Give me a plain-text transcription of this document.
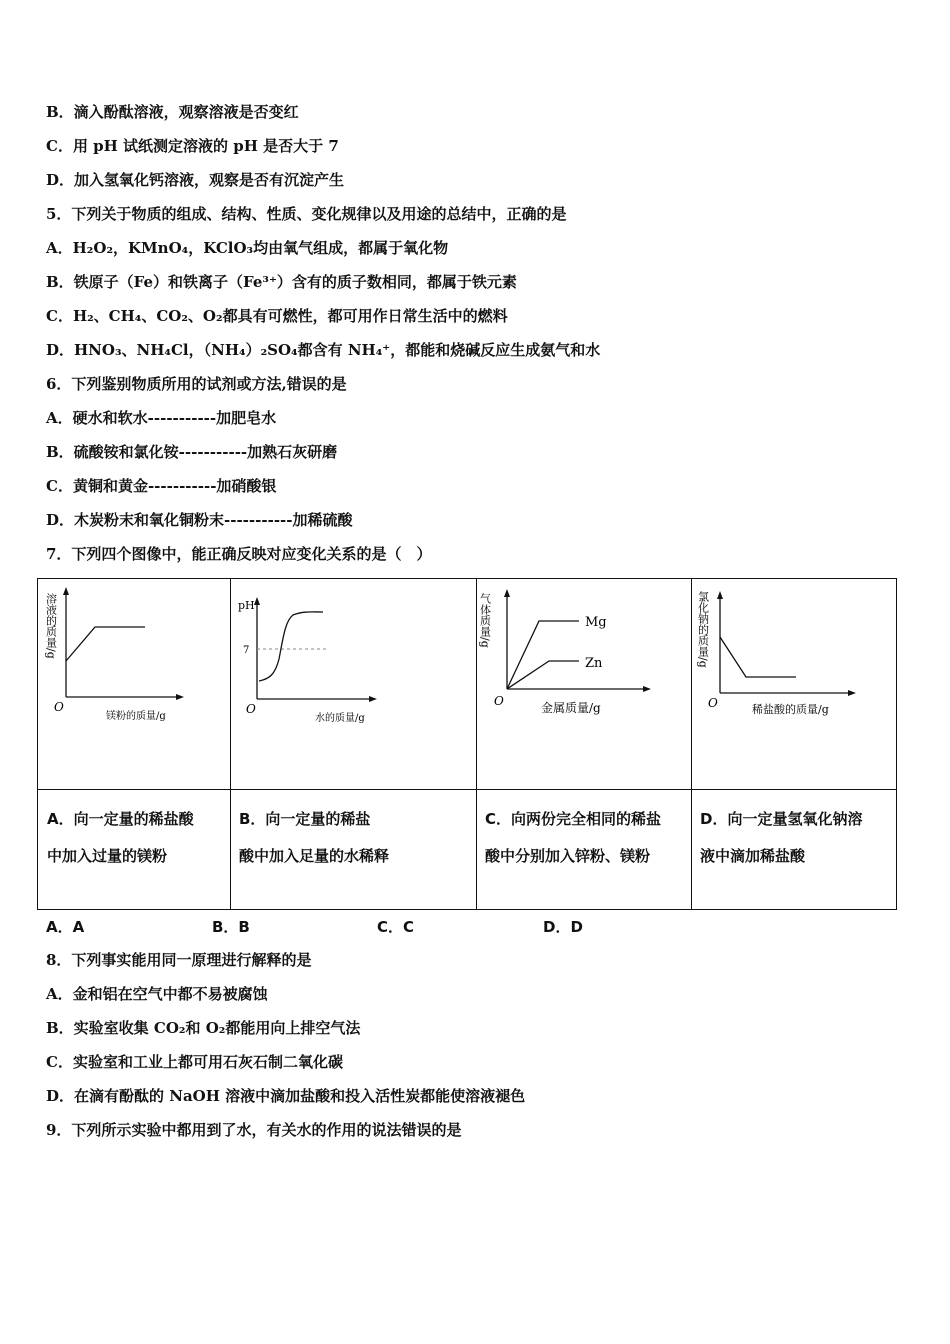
B．滴入酚酞溶液，观察溶液是否变红
C．用 pH 试纸测定溶液的 pH 是否大于 7
D．加入氢氧化钙溶液，观察是否有沉淀产生
5．下列关于物质的组成、结构、性质、变化规律以及用途的总结中，正确的是
A．H₂O₂，KMnO₄，KClO₃均由氧气组成，都属于氧化物
B．铁原子（Fe）和铁离子（Fe³⁺）含有的质子数相同，都属于铁元素
C．H₂、CH₄、CO₂、O₂都具有可燃性，都可用作日常生活中的燃料
D．HNO₃、NH₄Cl，（NH₄）₂SO₄都含有 NH₄⁺，都能和烧碱反应生成氨气和水
6．下列鉴别物质所用的试剂或方法,错误的是
A．硬水和软水-----------加肥皂水
B．硫酸铵和氯化铵-----------加熟石灰研磨
C．黄铜和黄金-----------加硝酸银
D．木炭粉末和氧化铜粉末-----------加稀硫酸
7．下列四个图像中，能正确反映对应变化关系的是（　）
溶液的质量/g
O
镁粉的质量/g
pH
O
7
水的质量/g
气体质量/g
O
Mg
Zn
金属质量/g
氯化钠的质量/g
O	稀盐酸的质量/g
A．向一定量的稀盐酸
中加入过量的镁粉
B．向一定量的稀盐
酸中加入足量的水稀释
C．向两份完全相同的稀盐
酸中分别加入锌粉、镁粉
D．向一定量氢氧化钠溶
液中滴加稀盐酸
A．A	B．B	C．C	D．D
8．下列事实能用同一原理进行解释的是
A．金和铝在空气中都不易被腐蚀
B．实验室收集 CO₂和 O₂都能用向上排空气法
C．实验室和工业上都可用石灰石制二氧化碳
D．在滴有酚酞的 NaOH 溶液中滴加盐酸和投入活性炭都能使溶液褪色
9．下列所示实验中都用到了水，有关水的作用的说法错误的是
